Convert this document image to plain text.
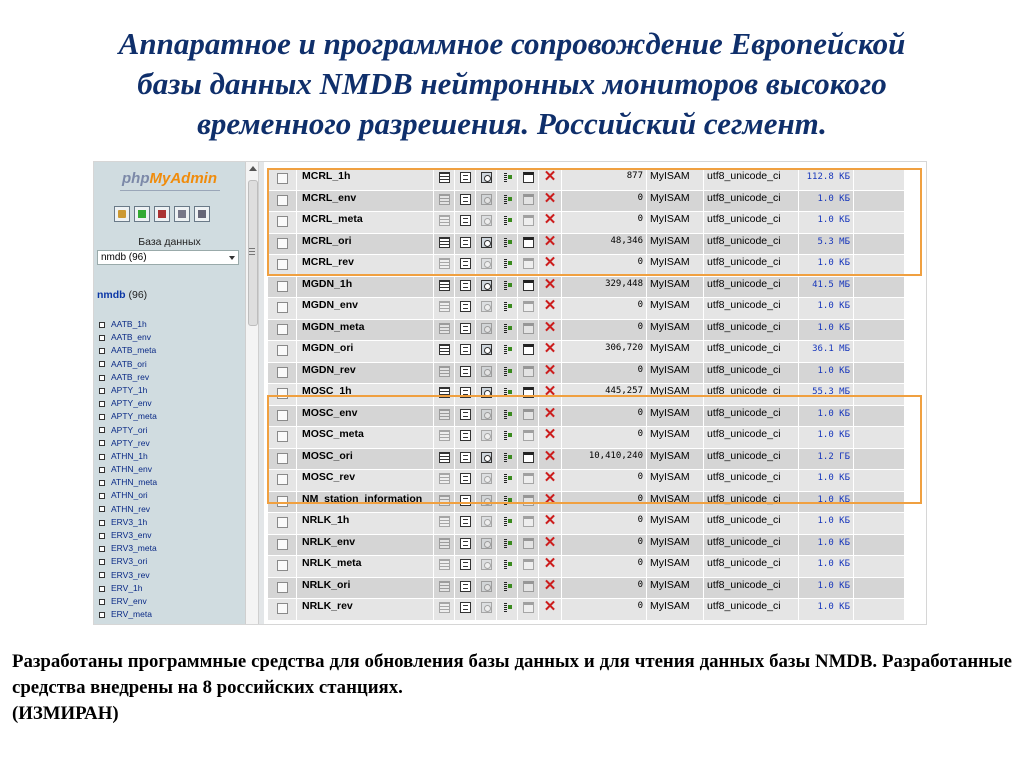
Аппаратное и программное сопровождение Европейской
базы данных NMDB нейтронных мониторов высокого
временного разрешения. Российский сегмент.
phpMyAdmin
База данных
nmdb (96)
nmdb (96)
AATB_1h
AATB_env
AATB_meta
AATB_ori
AATB_rev
APTY_1h
APTY_env
APTY_meta
APTY_ori
APTY_rev
ATHN_1h
ATHN_env
ATHN_meta
ATHN_ori
ATHN_rev
ERV3_1h
ERV3_env
ERV3_meta
ERV3_ori
ERV3_rev
ERV_1h
ERV_env
ERV_meta
	MCRL_1h						✕	877	MyISAM	utf8_unicode_ci	112.8 КБ	
	MCRL_env						✕	0	MyISAM	utf8_unicode_ci	1.0 КБ	
	MCRL_meta						✕	0	MyISAM	utf8_unicode_ci	1.0 КБ	
	MCRL_ori						✕	48,346	MyISAM	utf8_unicode_ci	5.3 МБ	
	MCRL_rev						✕	0	MyISAM	utf8_unicode_ci	1.0 КБ	
	MGDN_1h						✕	329,448	MyISAM	utf8_unicode_ci	41.5 МБ	
	MGDN_env						✕	0	MyISAM	utf8_unicode_ci	1.0 КБ	
	MGDN_meta						✕	0	MyISAM	utf8_unicode_ci	1.0 КБ	
	MGDN_ori						✕	306,720	MyISAM	utf8_unicode_ci	36.1 МБ	
	MGDN_rev						✕	0	MyISAM	utf8_unicode_ci	1.0 КБ	
	MOSC_1h						✕	445,257	MyISAM	utf8_unicode_ci	55.3 МБ	
	MOSC_env						✕	0	MyISAM	utf8_unicode_ci	1.0 КБ	
	MOSC_meta						✕	0	MyISAM	utf8_unicode_ci	1.0 КБ	
	MOSC_ori						✕	10,410,240	MyISAM	utf8_unicode_ci	1.2 ГБ	
	MOSC_rev						✕	0	MyISAM	utf8_unicode_ci	1.0 КБ	
	NM_station_information						✕	0	MyISAM	utf8_unicode_ci	1.0 КБ	
	NRLK_1h						✕	0	MyISAM	utf8_unicode_ci	1.0 КБ	
	NRLK_env						✕	0	MyISAM	utf8_unicode_ci	1.0 КБ	
	NRLK_meta						✕	0	MyISAM	utf8_unicode_ci	1.0 КБ	
	NRLK_ori						✕	0	MyISAM	utf8_unicode_ci	1.0 КБ	
	NRLK_rev						✕	0	MyISAM	utf8_unicode_ci	1.0 КБ	
Разработаны программные средства для обновления базы данных и для чтения данных базы NMDB. Разработанные средства внедрены на 8 российских станциях.
(ИЗМИРАН)
